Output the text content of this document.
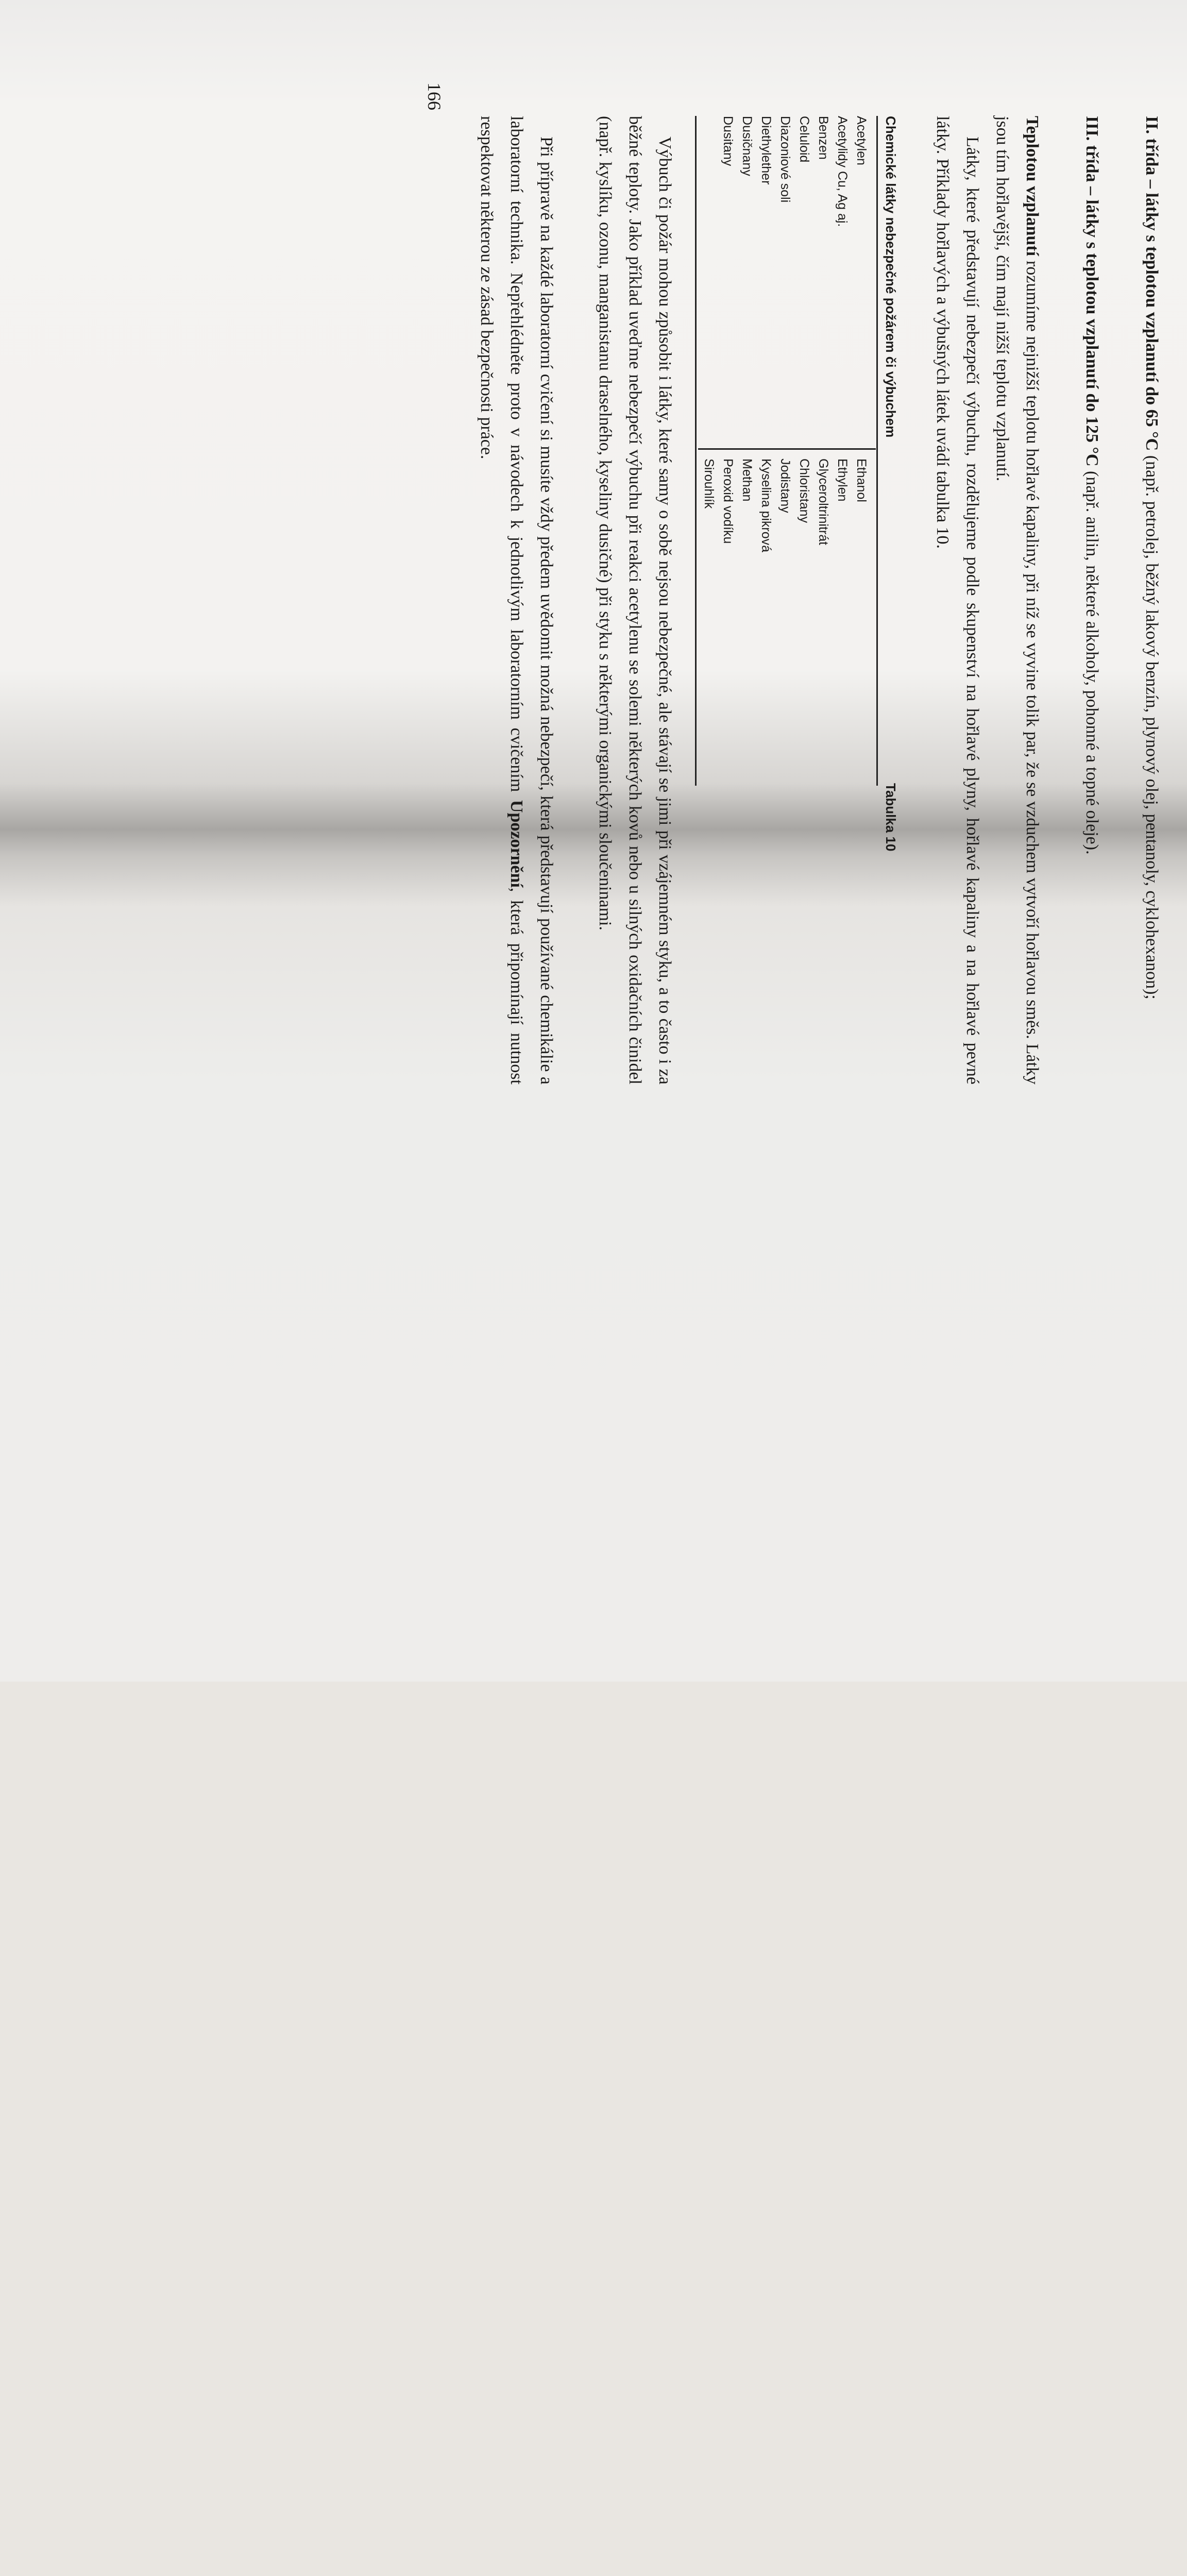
II. třída – látky s teplotou vzplanutí do 65 °C (např. petrolej, běžný lakový benzín, plynový olej, pentanoly, cyklohexanon);
III. třída – látky s teplotou vzplanutí do 125 °C (např. anilin, některé alkoholy, pohonné a topné oleje).
Teplotou vzplanutí rozumíme nejnižší teplotu hořlavé kapaliny, při níž se vyvine tolik par, že se vzduchem vytvoří hořlavou směs. Látky jsou tím hořlavější, čím mají nižší teplotu vzplanutí.
Látky, které představují nebezpečí výbuchu, rozdělujeme podle skupenství na hořlavé plyny, hořlavé kapaliny a na hořlavé pevné látky. Příklady hořlavých a výbušných látek uvádí tabulka 10.
Chemické látky nebezpečné požárem či výbuchem
Tabulka 10
Acetylen
Acetylidy Cu, Ag aj.
Benzen
Celuloid
Diazoniové soli
Diethylether
Dusičnany
Dusitany
Ethanol
Ethylen
Glyceroltrinitrát
Chloristany
Jodistany
Kyselina pikrová
Methan
Peroxid vodíku
Sirouhlík
Výbuch či požár mohou způsobit i látky, které samy o sobě nejsou nebezpečné, ale stávají se jimi při vzájemném styku, a to často i za běžné teploty. Jako příklad uveďme nebezpečí výbuchu při reakci acetylenu se solemi některých kovů nebo u silných oxidačních činidel (např. kyslíku, ozonu, manganistanu draselného, kyseliny dusičné) při styku s některými organickými sloučeninami.
Při přípravě na každé laboratorní cvičení si musíte vždy předem uvědomit možná nebezpečí, která představují používané chemikálie a laboratorní technika. Nepřehlédněte proto v návodech k jednotlivým laboratorním cvičením Upozornění, která připomínají nutnost respektovat některou ze zásad bezpečnosti práce.
166
